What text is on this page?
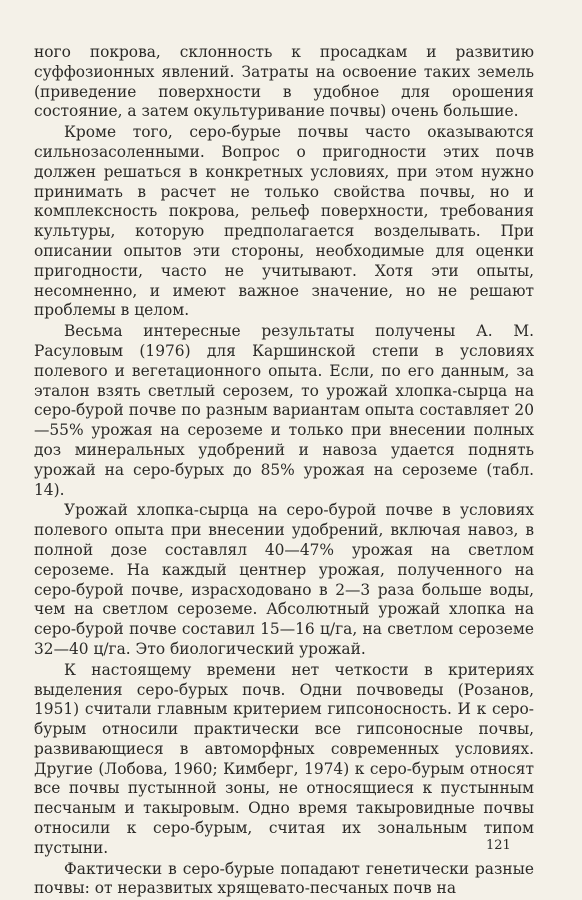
ного покрова, склонность к просадкам и развитию суффозионных явлений. Затраты на освоение таких земель (приведение поверхности в удобное для орошения состояние, а затем окультуривание почвы) очень большие.

Кроме того, серо-бурые почвы часто оказываются сильнозасоленными. Вопрос о пригодности этих почв должен решаться в конкретных условиях, при этом нужно принимать в расчет не только свойства почвы, но и комплексность покрова, рельеф поверхности, требования культуры, которую предполагается возделывать. При описании опытов эти стороны, необходимые для оценки пригодности, часто не учитывают. Хотя эти опыты, несомненно, и имеют важное значение, но не решают проблемы в целом.

Весьма интересные результаты получены А. М. Расуловым (1976) для Каршинской степи в условиях полевого и вегетационного опыта. Если, по его данным, за эталон взять светлый серозем, то урожай хлопка-сырца на серо-бурой почве по разным вариантам опыта составляет 20—55% урожая на сероземе и только при внесении полных доз минеральных удобрений и навоза удается поднять урожай на серо-бурых до 85% урожая на сероземе (табл. 14).

Урожай хлопка-сырца на серо-бурой почве в условиях полевого опыта при внесении удобрений, включая навоз, в полной дозе составлял 40—47% урожая на светлом сероземе. На каждый центнер урожая, полученного на серо-бурой почве, израсходовано в 2—3 раза больше воды, чем на светлом сероземе. Абсолютный урожай хлопка на серо-бурой почве составил 15—16 ц/га, на светлом сероземе 32—40 ц/га. Это биологический урожай.

К настоящему времени нет четкости в критериях выделения серо-бурых почв. Одни почвоведы (Розанов, 1951) считали главным критерием гипсоносность. И к серо-бурым относили практически все гипсоносные почвы, развивающиеся в автоморфных современных условиях. Другие (Лобова, 1960; Кимберг, 1974) к серо-бурым относят все почвы пустынной зоны, не относящиеся к пустынным песчаным и такыровым. Одно время такыровидные почвы относили к серо-бурым, считая их зональным типом пустыни.

Фактически в серо-бурые попадают генетически разные почвы: от неразвитых хрящевато-песчаных почв на

121
